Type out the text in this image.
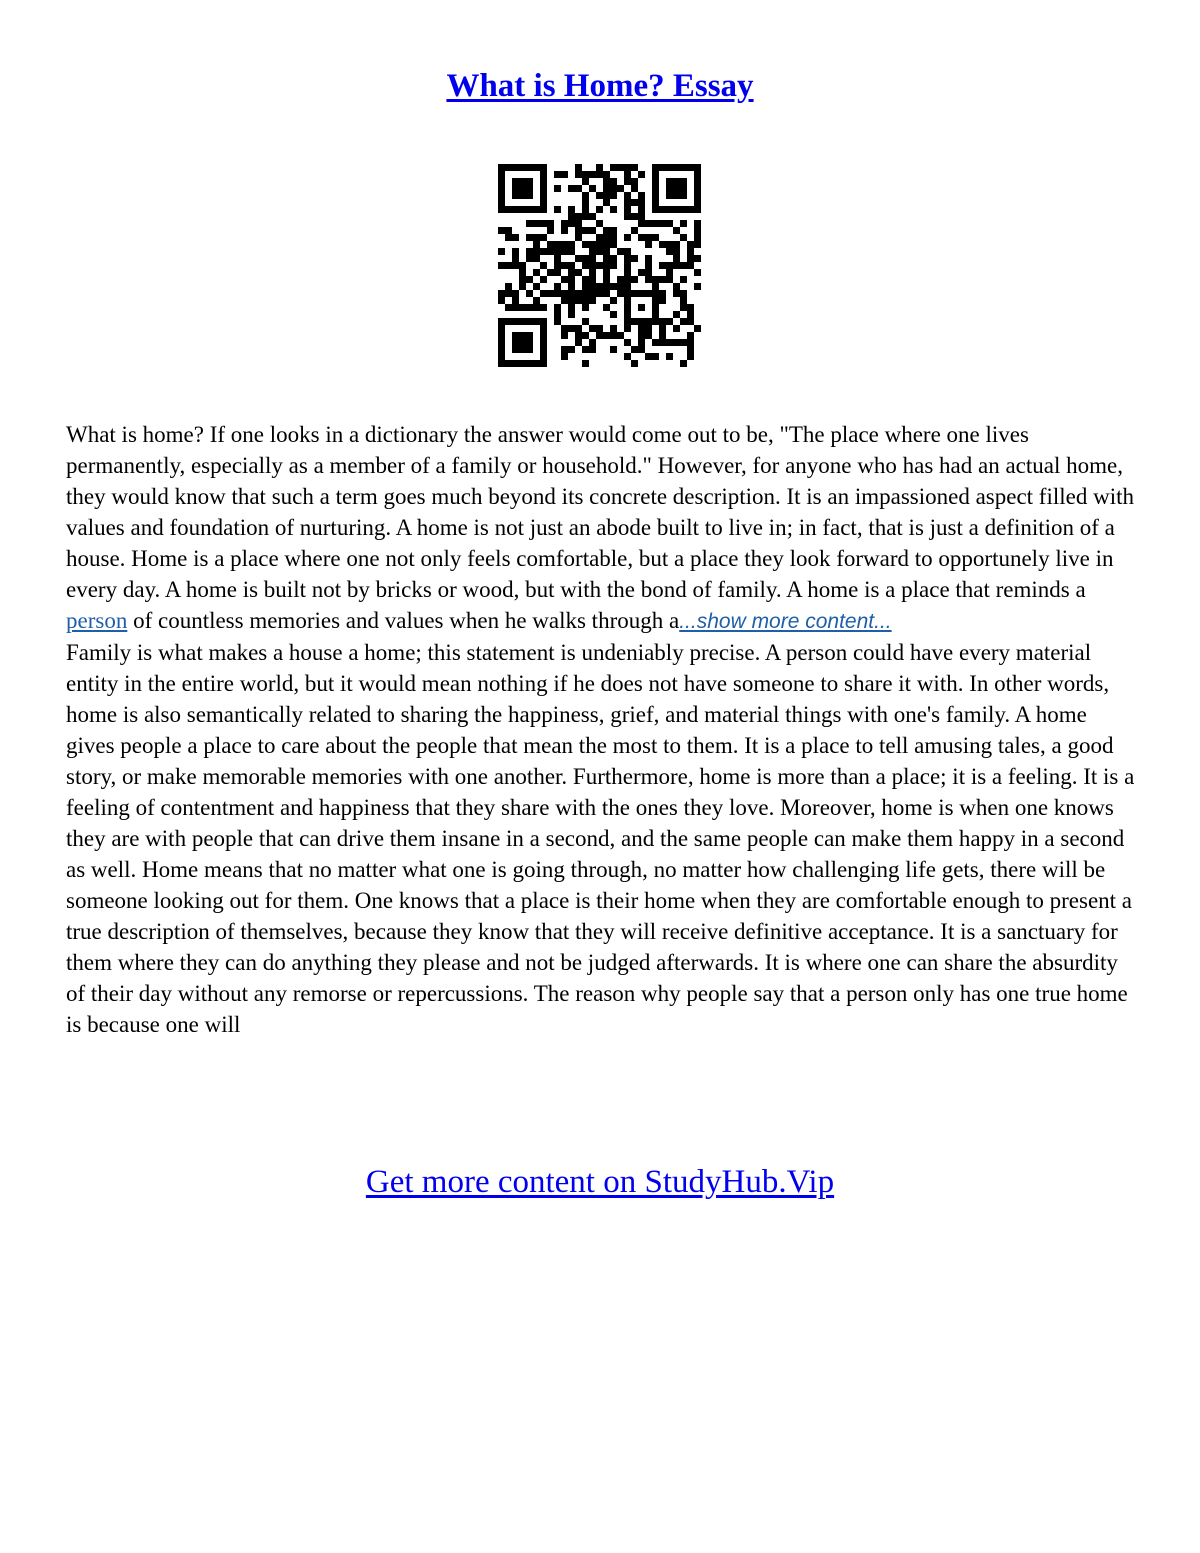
What is Home? Essay

What is home? If one looks in a dictionary the answer would come out to be, "The place where one lives permanently, especially as a member of a family or household." However, for anyone who has had an actual home, they would know that such a term goes much beyond its concrete description. It is an impassioned aspect filled with values and foundation of nurturing. A home is not just an abode built to live in; in fact, that is just a definition of a house. Home is a place where one not only feels comfortable, but a place they look forward to opportunely live in every day. A home is built not by bricks or wood, but with the bond of family. A home is a place that reminds a person of countless memories and values when he walks through a...show more content...

Family is what makes a house a home; this statement is undeniably precise. A person could have every material entity in the entire world, but it would mean nothing if he does not have someone to share it with. In other words, home is also semantically related to sharing the happiness, grief, and material things with one's family. A home gives people a place to care about the people that mean the most to them. It is a place to tell amusing tales, a good story, or make memorable memories with one another. Furthermore, home is more than a place; it is a feeling. It is a feeling of contentment and happiness that they share with the ones they love. Moreover, home is when one knows they are with people that can drive them insane in a second, and the same people can make them happy in a second as well. Home means that no matter what one is going through, no matter how challenging life gets, there will be someone looking out for them. One knows that a place is their home when they are comfortable enough to present a true description of themselves, because they know that they will receive definitive acceptance. It is a sanctuary for them where they can do anything they please and not be judged afterwards. It is where one can share the absurdity of their day without any remorse or repercussions. The reason why people say that a person only has one true home is because one will

Get more content on StudyHub.Vip
